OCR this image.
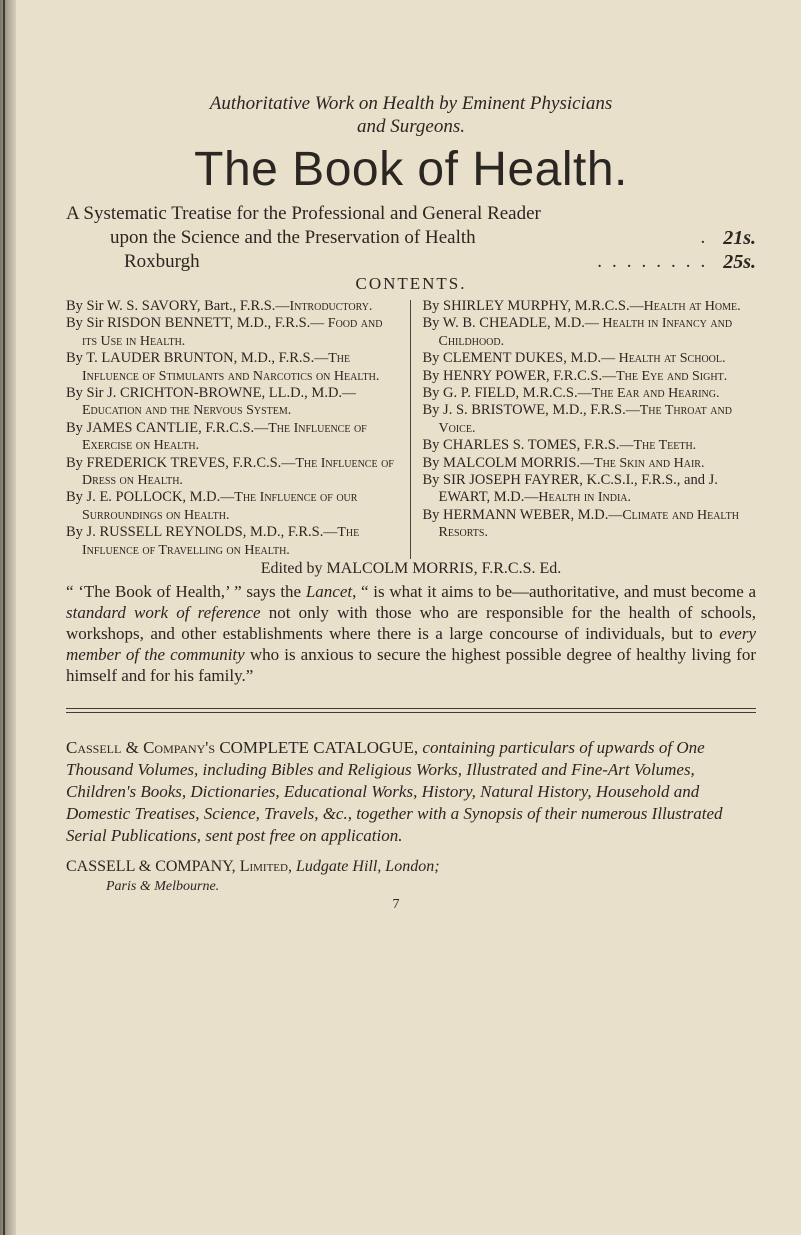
Authoritative Work on Health by Eminent Physicians
and Surgeons.
The Book of Health.
A Systematic Treatise for the Professional and General Reader
upon the Science and the Preservation of Health	. 21s.
Roxburgh	........ 25s.
CONTENTS.
By Sir W. S. SAVORY, Bart., F.R.S.—Introductory.
By Sir RISDON BENNETT, M.D., F.R.S.— Food and its Use in Health.
By T. LAUDER BRUNTON, M.D., F.R.S.—The Influence of Stimulants and Narcotics on Health.
By Sir J. CRICHTON-BROWNE, LL.D., M.D.—Education and the Nervous System.
By JAMES CANTLIE, F.R.C.S.—The Influence of Exercise on Health.
By FREDERICK TREVES, F.R.C.S.—The Influence of Dress on Health.
By J. E. POLLOCK, M.D.—The Influence of our Surroundings on Health.
By J. RUSSELL REYNOLDS, M.D., F.R.S.—The Influence of Travelling on Health.
By SHIRLEY MURPHY, M.R.C.S.—Health at Home.
By W. B. CHEADLE, M.D.— Health in Infancy and Childhood.
By CLEMENT DUKES, M.D.— Health at School.
By HENRY POWER, F.R.C.S.—The Eye and Sight.
By G. P. FIELD, M.R.C.S.—The Ear and Hearing.
By J. S. BRISTOWE, M.D., F.R.S.—The Throat and Voice.
By CHARLES S. TOMES, F.R.S.—The Teeth.
By MALCOLM MORRIS.—The Skin and Hair.
By SIR JOSEPH FAYRER, K.C.S.I., F.R.S., and J. EWART, M.D.—Health in India.
By HERMANN WEBER, M.D.—Climate and Health Resorts.
Edited by MALCOLM MORRIS, F.R.C.S. Ed.
“ ‘The Book of Health,’ ” says the Lancet, “ is what it aims to be—authoritative, and must become a standard work of reference not only with those who are responsible for the health of schools, workshops, and other establishments where there is a large concourse of individuals, but to every member of the community who is anxious to secure the highest possible degree of healthy living for himself and for his family.”
Cassell & Company's COMPLETE CATALOGUE, containing particulars of upwards of One Thousand Volumes, including Bibles and Religious Works, Illustrated and Fine-Art Volumes, Children's Books, Dictionaries, Educational Works, History, Natural History, Household and Domestic Treatises, Science, Travels, &c., together with a Synopsis of their numerous Illustrated Serial Publications, sent post free on application.
CASSELL & COMPANY, Limited, Ludgate Hill, London;
Paris & Melbourne.
7
